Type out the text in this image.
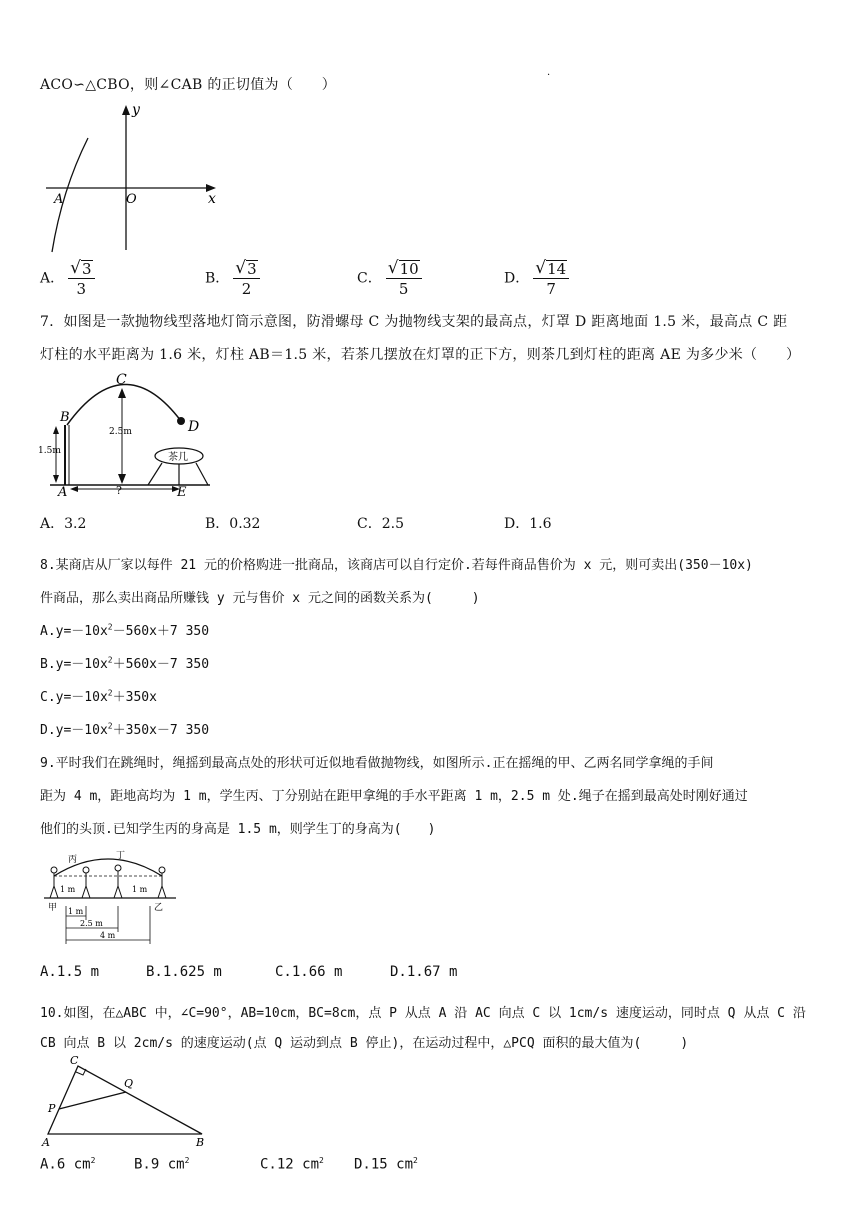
ACO∽△CBO，则∠CAB 的正切值为（　　）
·
y
x
O
A
A． $\frac{√ 3}{3}$	B． $\frac{√ 3}{2}$	C． $\frac{√ 10}{5}$	D． $\frac{√ 14}{7}$
7．如图是一款抛物线型落地灯筒示意图，防滑螺母 C 为抛物线支架的最高点，灯罩 D 距离地面 1.5 米，最高点 C 距
灯柱的水平距离为 1.6 米，灯柱 AB＝1.5 米，若茶几摆放在灯罩的正下方，则茶几到灯柱的距离 AE 为多少米（　　）
C
B
D
A	E
1.5m
2.5m
?
茶几
A．3.2	B．0.32	C．2.5	D．1.6
8.某商店从厂家以每件 21 元的价格购进一批商品，该商店可以自行定价.若每件商品售价为 x 元，则可卖出(350－10x)
件商品，那么卖出商品所赚钱 y 元与售价 x 元之间的函数关系为(　　　)
$A.y=-10x^2-560x+7$ 350
$B.y=-10x^2+560x-7$ 350
$C.y=-10x^2+350x$
$D.y=-10x^2+350x-7$ 350
9.平时我们在跳绳时，绳摇到最高点处的形状可近似地看做抛物线，如图所示.正在摇绳的甲、乙两名同学拿绳的手间
距为 4 m，距地高均为 1 m，学生丙、丁分别站在距甲拿绳的手水平距离 1 m，2.5 m 处.绳子在摇到最高处时刚好通过
他们的头顶.已知学生丙的身高是 1.5 m，则学生丁的身高为(　　)
丙	丁
甲	乙
1 m	1 m
1 m
2.5 m
4 m
A.1.5 m	B.1.625 m	C.1.66 m	D.1.67 m
10.如图，在△ABC 中，∠C=90°，AB=10cm，BC=8cm，点 P 从点 A 沿 AC 向点 C 以 1cm/s 速度运动，同时点 Q 从点 C 沿
CB 向点 B 以 2cm/s 的速度运动(点 Q 运动到点 B 停止)，在运动过程中，△PCQ 面积的最大值为(　　　)
C
Q
P
A	B
A.6 $cm^2$	B.9 $cm^2$	C.12 $cm^2$ D.15 $cm^2$
